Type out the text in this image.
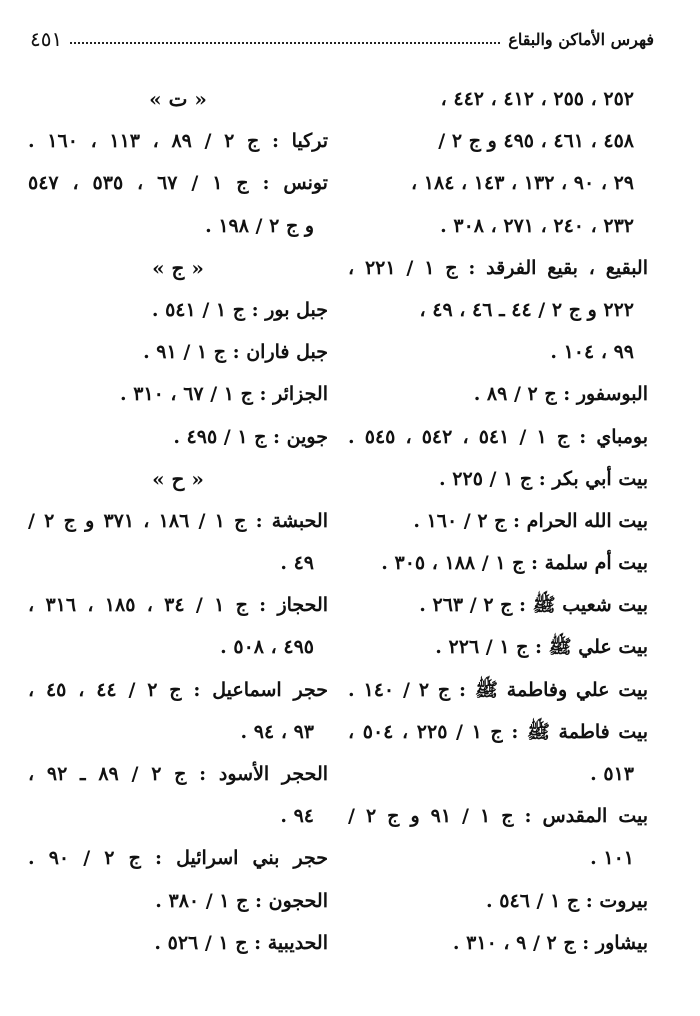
فهرس الأماكن والبقاع
٤٥١
٢٥٢ ، ٢٥٥ ، ٤١٢ ، ٤٤٢ ،
٤٥٨ ، ٤٦١ ، ٤٩٥ و ج ٢ /
٢٩ ، ٩٠ ، ١٣٢ ، ١٤٣ ، ١٨٤ ،
٢٣٢ ، ٢٤٠ ، ٢٧١ ، ٣٠٨ .
البقيع ، بقيع الفرقد : ج ١ / ٢٢١ ،
٢٢٢ و ج ٢ / ٤٤ ـ ٤٦ ، ٤٩ ،
٩٩ ، ١٠٤ .
البوسفور : ج ٢ / ٨٩ .
بومباي : ج ١ / ٥٤١ ، ٥٤٢ ، ٥٤٥ .
بيت أبي بكر : ج ١ / ٢٢٥ .
بيت الله الحرام : ج ٢ / ١٦٠ .
بيت أم سلمة : ج ١ / ١٨٨ ، ٣٠٥ .
بيت شعيب ﷺ : ج ٢ / ٢٦٣ .
بيت علي ﷺ : ج ١ / ٢٢٦ .
بيت علي وفاطمة ﷺ : ج ٢ / ١٤٠ .
بيت فاطمة ﷺ : ج ١ / ٢٢٥ ، ٥٠٤ ،
٥١٣ .
بيت المقدس : ج ١ / ٩١ و ج ٢ /
١٠١ .
بيروت : ج ١ / ٥٤٦ .
بيشاور : ج ٢ / ٩ ، ٣١٠ .
« ت »
تركيا : ج ٢ / ٨٩ ، ١١٣ ، ١٦٠ .
تونس : ج ١ / ٦٧ ، ٥٣٥ ، ٥٤٧
و ج ٢ / ١٩٨ .
« ج »
جبل بور : ج ١ / ٥٤١ .
جبل فاران : ج ١ / ٩١ .
الجزائر : ج ١ / ٦٧ ، ٣١٠ .
جوين : ج ١ / ٤٩٥ .
« ح »
الحبشة : ج ١ / ١٨٦ ، ٣٧١ و ج ٢ /
٤٩ .
الحجاز : ج ١ / ٣٤ ، ١٨٥ ، ٣١٦ ،
٤٩٥ ، ٥٠٨ .
حجر اسماعيل : ج ٢ / ٤٤ ، ٤٥ ،
٩٣ ، ٩٤ .
الحجر الأسود : ج ٢ / ٨٩ ـ ٩٢ ،
٩٤ .
حجر بني اسرائيل : ج ٢ / ٩٠ .
الحجون : ج ١ / ٣٨٠ .
الحديبية : ج ١ / ٥٢٦ .
